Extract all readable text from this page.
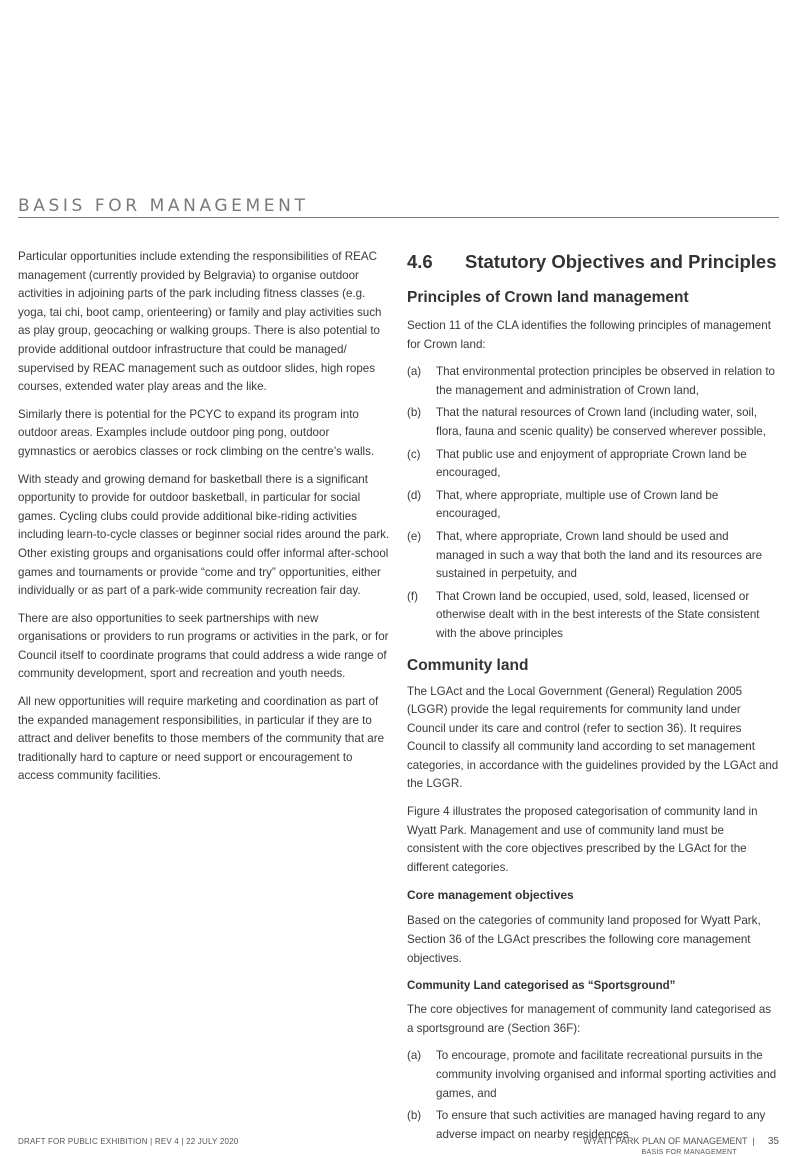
BASIS FOR MANAGEMENT

Particular opportunities include extending the responsibilities of REAC management (currently provided by Belgravia) to organise outdoor activities in adjoining parts of the park including fitness classes (e.g. yoga, tai chi, boot camp, orienteering) or family and play activities such as play group, geocaching or walking groups. There is also potential to provide additional outdoor infrastructure that could be managed/ supervised by REAC management such as outdoor slides, high ropes courses, extended water play areas and the like.

Similarly there is potential for the PCYC to expand its program into outdoor areas. Examples include outdoor ping pong, outdoor gymnastics or aerobics classes or rock climbing on the centre’s walls.

With steady and growing demand for basketball there is a significant opportunity to provide for outdoor basketball, in particular for social games. Cycling clubs could provide additional bike-riding activities including learn-to-cycle classes or beginner social rides around the park. Other existing groups and organisations could offer informal after-school games and tournaments or provide “come and try” opportunities, either individually or as part of a park-wide community recreation fair day.

There are also opportunities to seek partnerships with new organisations or providers to run programs or activities in the park, or for Council itself to coordinate programs that could address a wide range of community development, sport and recreation and youth needs.

All new opportunities will require marketing and coordination as part of the expanded management responsibilities, in particular if they are to attract and deliver benefits to those members of the community that are traditionally hard to capture or need support or encouragement to access community facilities.

4.6 Statutory Objectives and Principles
Principles of Crown land management

Section 11 of the CLA identifies the following principles of management for Crown land:

(a)	That environmental protection principles be observed in relation to the management and administration of Crown land,
(b)	That the natural resources of Crown land (including water, soil, flora, fauna and scenic quality) be conserved wherever possible,
(c)	That public use and enjoyment of appropriate Crown land be encouraged,
(d)	That, where appropriate, multiple use of Crown land be encouraged,
(e)	That, where appropriate, Crown land should be used and managed in such a way that both the land and its resources are sustained in perpetuity, and
(f)	That Crown land be occupied, used, sold, leased, licensed or otherwise dealt with in the best interests of the State consistent with the above principles
Community land

The LGAct and the Local Government (General) Regulation 2005 (LGGR) provide the legal requirements for community land under Council under its care and control (refer to section 36). It requires Council to classify all community land according to set management categories, in accordance with the guidelines provided by the LGAct and the LGGR.

Figure 4 illustrates the proposed categorisation of community land in Wyatt Park. Management and use of community land must be consistent with the core objectives prescribed by the LGAct for the different categories.

Core management objectives

Based on the categories of community land proposed for Wyatt Park, Section 36 of the LGAct prescribes the following core management objectives.

Community Land categorised as “Sportsground”

The core objectives for management of community land categorised as a sportsground are (Section 36F):

(a)	To encourage, promote and facilitate recreational pursuits in the community involving organised and informal sporting activities and games, and
(b)	To ensure that such activities are managed having regard to any adverse impact on nearby residences
DRAFT FOR PUBLIC EXHIBITION | REV 4 | 22 JULY 2020	WYATT PARK PLAN OF MANAGEMENT | 35
BASIS FOR MANAGEMENT
